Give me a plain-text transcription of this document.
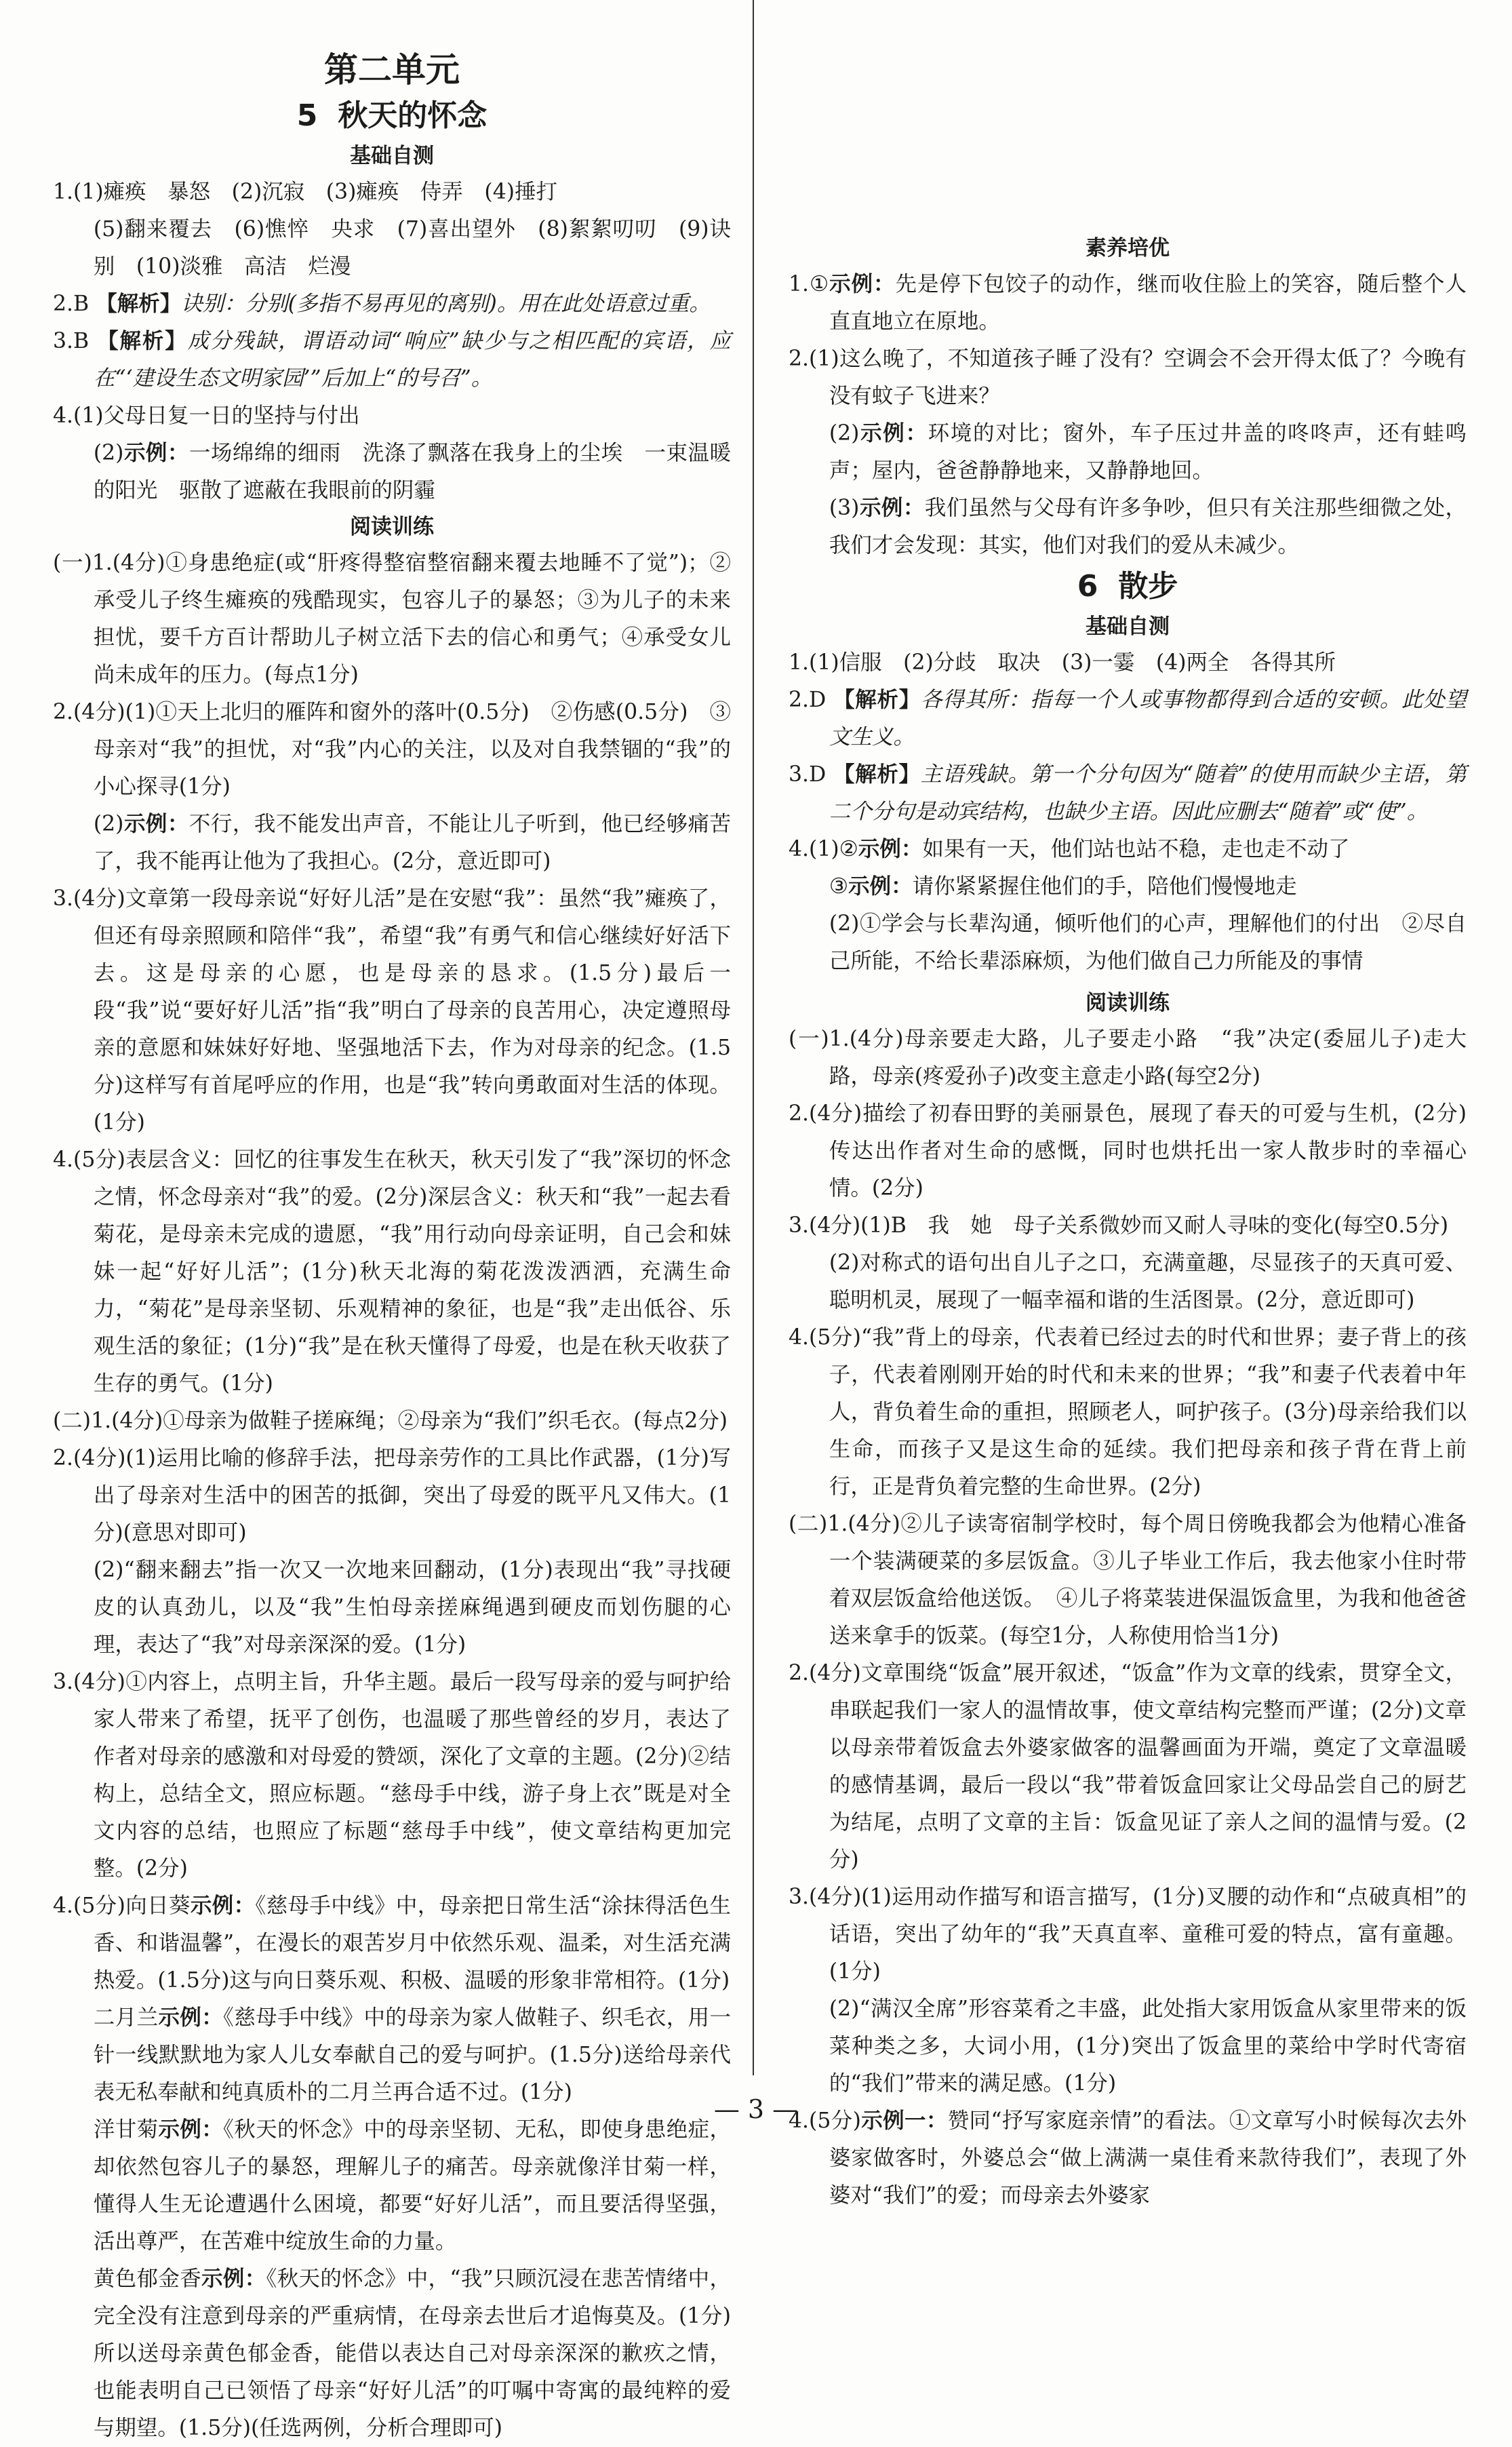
第二单元

5 秋天的怀念

基础自测

1.(1)瘫痪　暴怒　(2)沉寂　(3)瘫痪　侍弄　(4)捶打

(5)翻来覆去　(6)憔悴　央求　(7)喜出望外　(8)絮絮叨叨　(9)诀别　(10)淡雅　高洁　烂漫

2.B 【解析】诀别：分别(多指不易再见的离别)。用在此处语意过重。

3.B 【解析】成分残缺，谓语动词“响应”缺少与之相匹配的宾语，应在“‘建设生态文明家园’”后加上“的号召”。

4.(1)父母日复一日的坚持与付出

(2)示例：一场绵绵的细雨　洗涤了飘落在我身上的尘埃　一束温暖的阳光　驱散了遮蔽在我眼前的阴霾

阅读训练

(一)1.(4分)①身患绝症(或“肝疼得整宿整宿翻来覆去地睡不了觉”)；②承受儿子终生瘫痪的残酷现实，包容儿子的暴怒；③为儿子的未来担忧，要千方百计帮助儿子树立活下去的信心和勇气；④承受女儿尚未成年的压力。(每点1分)

2.(4分)(1)①天上北归的雁阵和窗外的落叶(0.5分)　②伤感(0.5分)　③母亲对“我”的担忧，对“我”内心的关注，以及对自我禁锢的“我”的小心探寻(1分)

(2)示例：不行，我不能发出声音，不能让儿子听到，他已经够痛苦了，我不能再让他为了我担心。(2分，意近即可)

3.(4分)文章第一段母亲说“好好儿活”是在安慰“我”：虽然“我”瘫痪了，但还有母亲照顾和陪伴“我”，希望“我”有勇气和信心继续好好活下去。这是母亲的心愿，也是母亲的恳求。(1.5分)最后一段“我”说“要好好儿活”指“我”明白了母亲的良苦用心，决定遵照母亲的意愿和妹妹好好地、坚强地活下去，作为对母亲的纪念。(1.5分)这样写有首尾呼应的作用，也是“我”转向勇敢面对生活的体现。(1分)

4.(5分)表层含义：回忆的往事发生在秋天，秋天引发了“我”深切的怀念之情，怀念母亲对“我”的爱。(2分)深层含义：秋天和“我”一起去看菊花，是母亲未完成的遗愿，“我”用行动向母亲证明，自己会和妹妹一起“好好儿活”；(1分)秋天北海的菊花泼泼洒洒，充满生命力，“菊花”是母亲坚韧、乐观精神的象征，也是“我”走出低谷、乐观生活的象征；(1分)“我”是在秋天懂得了母爱，也是在秋天收获了生存的勇气。(1分)

(二)1.(4分)①母亲为做鞋子搓麻绳；②母亲为“我们”织毛衣。(每点2分)

2.(4分)(1)运用比喻的修辞手法，把母亲劳作的工具比作武器，(1分)写出了母亲对生活中的困苦的抵御，突出了母爱的既平凡又伟大。(1分)(意思对即可)

(2)“翻来翻去”指一次又一次地来回翻动，(1分)表现出“我”寻找硬皮的认真劲儿，以及“我”生怕母亲搓麻绳遇到硬皮而划伤腿的心理，表达了“我”对母亲深深的爱。(1分)

3.(4分)①内容上，点明主旨，升华主题。最后一段写母亲的爱与呵护给家人带来了希望，抚平了创伤，也温暖了那些曾经的岁月，表达了作者对母亲的感激和对母爱的赞颂，深化了文章的主题。(2分)②结构上，总结全文，照应标题。“慈母手中线，游子身上衣”既是对全文内容的总结，也照应了标题“慈母手中线”，使文章结构更加完整。(2分)

4.(5分)向日葵示例：《慈母手中线》中，母亲把日常生活“涂抹得活色生香、和谐温馨”，在漫长的艰苦岁月中依然乐观、温柔，对生活充满热爱。(1.5分)这与向日葵乐观、积极、温暖的形象非常相符。(1分)

二月兰示例：《慈母手中线》中的母亲为家人做鞋子、织毛衣，用一针一线默默地为家人儿女奉献自己的爱与呵护。(1.5分)送给母亲代表无私奉献和纯真质朴的二月兰再合适不过。(1分)

洋甘菊示例：《秋天的怀念》中的母亲坚韧、无私，即使身患绝症，却依然包容儿子的暴怒，理解儿子的痛苦。母亲就像洋甘菊一样，懂得人生无论遭遇什么困境，都要“好好儿活”，而且要活得坚强，活出尊严，在苦难中绽放生命的力量。

黄色郁金香示例：《秋天的怀念》中，“我”只顾沉浸在悲苦情绪中，完全没有注意到母亲的严重病情，在母亲去世后才追悔莫及。(1分)所以送母亲黄色郁金香，能借以表达自己对母亲深深的歉疚之情，也能表明自己已领悟了母亲“好好儿活”的叮嘱中寄寓的最纯粹的爱与期望。(1.5分)(任选两例，分析合理即可)

素养培优

1.①示例：先是停下包饺子的动作，继而收住脸上的笑容，随后整个人直直地立在原地。

2.(1)这么晚了，不知道孩子睡了没有？空调会不会开得太低了？今晚有没有蚊子飞进来？

(2)示例：环境的对比；窗外，车子压过井盖的咚咚声，还有蛙鸣声；屋内，爸爸静静地来，又静静地回。

(3)示例：我们虽然与父母有许多争吵，但只有关注那些细微之处，我们才会发现：其实，他们对我们的爱从未减少。

6 散步

基础自测

1.(1)信服　(2)分歧　取决　(3)一霎　(4)两全　各得其所

2.D 【解析】各得其所：指每一个人或事物都得到合适的安顿。此处望文生义。

3.D 【解析】主语残缺。第一个分句因为“随着”的使用而缺少主语，第二个分句是动宾结构，也缺少主语。因此应删去“随着”或“使”。

4.(1)②示例：如果有一天，他们站也站不稳，走也走不动了

③示例：请你紧紧握住他们的手，陪他们慢慢地走

(2)①学会与长辈沟通，倾听他们的心声，理解他们的付出　②尽自己所能，不给长辈添麻烦，为他们做自己力所能及的事情

阅读训练

(一)1.(4分)母亲要走大路，儿子要走小路　“我”决定(委屈儿子)走大路，母亲(疼爱孙子)改变主意走小路(每空2分)

2.(4分)描绘了初春田野的美丽景色，展现了春天的可爱与生机，(2分)传达出作者对生命的感慨，同时也烘托出一家人散步时的幸福心情。(2分)

3.(4分)(1)B　我　她　母子关系微妙而又耐人寻味的变化(每空0.5分)

(2)对称式的语句出自儿子之口，充满童趣，尽显孩子的天真可爱、聪明机灵，展现了一幅幸福和谐的生活图景。(2分，意近即可)

4.(5分)“我”背上的母亲，代表着已经过去的时代和世界；妻子背上的孩子，代表着刚刚开始的时代和未来的世界；“我”和妻子代表着中年人，背负着生命的重担，照顾老人，呵护孩子。(3分)母亲给我们以生命，而孩子又是这生命的延续。我们把母亲和孩子背在背上前行，正是背负着完整的生命世界。(2分)

(二)1.(4分)②儿子读寄宿制学校时，每个周日傍晚我都会为他精心准备一个装满硬菜的多层饭盒。③儿子毕业工作后，我去他家小住时带着双层饭盒给他送饭。　④儿子将菜装进保温饭盒里，为我和他爸爸送来拿手的饭菜。(每空1分，人称使用恰当1分)

2.(4分)文章围绕“饭盒”展开叙述，“饭盒”作为文章的线索，贯穿全文，串联起我们一家人的温情故事，使文章结构完整而严谨；(2分)文章以母亲带着饭盒去外婆家做客的温馨画面为开端，奠定了文章温暖的感情基调，最后一段以“我”带着饭盒回家让父母品尝自己的厨艺为结尾，点明了文章的主旨：饭盒见证了亲人之间的温情与爱。(2分)

3.(4分)(1)运用动作描写和语言描写，(1分)叉腰的动作和“点破真相”的话语，突出了幼年的“我”天真直率、童稚可爱的特点，富有童趣。(1分)

(2)“满汉全席”形容菜肴之丰盛，此处指大家用饭盒从家里带来的饭菜种类之多，大词小用，(1分)突出了饭盒里的菜给中学时代寄宿的“我们”带来的满足感。(1分)

4.(5分)示例一：赞同“抒写家庭亲情”的看法。①文章写小时候每次去外婆家做客时，外婆总会“做上满满一桌佳肴来款待我们”，表现了外婆对“我们”的爱；而母亲去外婆家

— 3 —
